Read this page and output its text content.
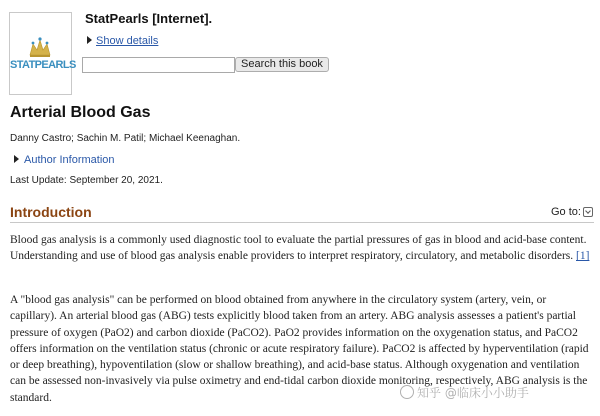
STATPEARLS
StatPearls [Internet].
Show details
Search this book
Arterial Blood Gas
Danny Castro; Sachin M. Patil; Michael Keenaghan.
Author Information
Last Update: September 20, 2021.
Introduction	Go to:

Blood gas analysis is a commonly used diagnostic tool to evaluate the partial pressures of gas in blood and acid-base content. Understanding and use of blood gas analysis enable providers to interpret respiratory, circulatory, and metabolic disorders. [1]

A "blood gas analysis" can be performed on blood obtained from anywhere in the circulatory system (artery, vein, or capillary). An arterial blood gas (ABG) tests explicitly blood taken from an artery. ABG analysis assesses a patient's partial pressure of oxygen (PaO2) and carbon dioxide (PaCO2). PaO2 provides information on the oxygenation status, and PaCO2 offers information on the ventilation status (chronic or acute respiratory failure). PaCO2 is affected by hyperventilation (rapid or deep breathing), hypoventilation (slow or shallow breathing), and acid-base status. Although oxygenation and ventilation can be assessed non-invasively via pulse oximetry and end-tidal carbon dioxide monitoring, respectively, ABG analysis is the standard.	知乎 @临床小小助手
